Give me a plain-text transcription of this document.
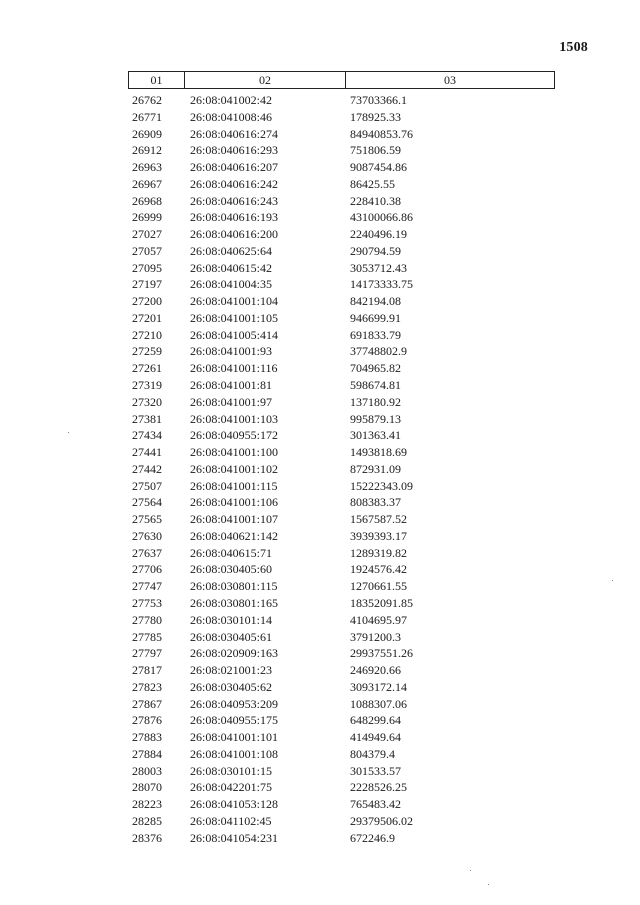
1508
01	02	03
26762	26:08:041002:42	73703366.1
26771	26:08:041008:46	178925.33
26909	26:08:040616:274	84940853.76
26912	26:08:040616:293	751806.59
26963	26:08:040616:207	9087454.86
26967	26:08:040616:242	86425.55
26968	26:08:040616:243	228410.38
26999	26:08:040616:193	43100066.86
27027	26:08:040616:200	2240496.19
27057	26:08:040625:64	290794.59
27095	26:08:040615:42	3053712.43
27197	26:08:041004:35	14173333.75
27200	26:08:041001:104	842194.08
27201	26:08:041001:105	946699.91
27210	26:08:041005:414	691833.79
27259	26:08:041001:93	37748802.9
27261	26:08:041001:116	704965.82
27319	26:08:041001:81	598674.81
27320	26:08:041001:97	137180.92
27381	26:08:041001:103	995879.13
27434	26:08:040955:172	301363.41
27441	26:08:041001:100	1493818.69
27442	26:08:041001:102	872931.09
27507	26:08:041001:115	15222343.09
27564	26:08:041001:106	808383.37
27565	26:08:041001:107	1567587.52
27630	26:08:040621:142	3939393.17
27637	26:08:040615:71	1289319.82
27706	26:08:030405:60	1924576.42
27747	26:08:030801:115	1270661.55
27753	26:08:030801:165	18352091.85
27780	26:08:030101:14	4104695.97
27785	26:08:030405:61	3791200.3
27797	26:08:020909:163	29937551.26
27817	26:08:021001:23	246920.66
27823	26:08:030405:62	3093172.14
27867	26:08:040953:209	1088307.06
27876	26:08:040955:175	648299.64
27883	26:08:041001:101	414949.64
27884	26:08:041001:108	804379.4
28003	26:08:030101:15	301533.57
28070	26:08:042201:75	2228526.25
28223	26:08:041053:128	765483.42
28285	26:08:041102:45	29379506.02
28376	26:08:041054:231	672246.9
